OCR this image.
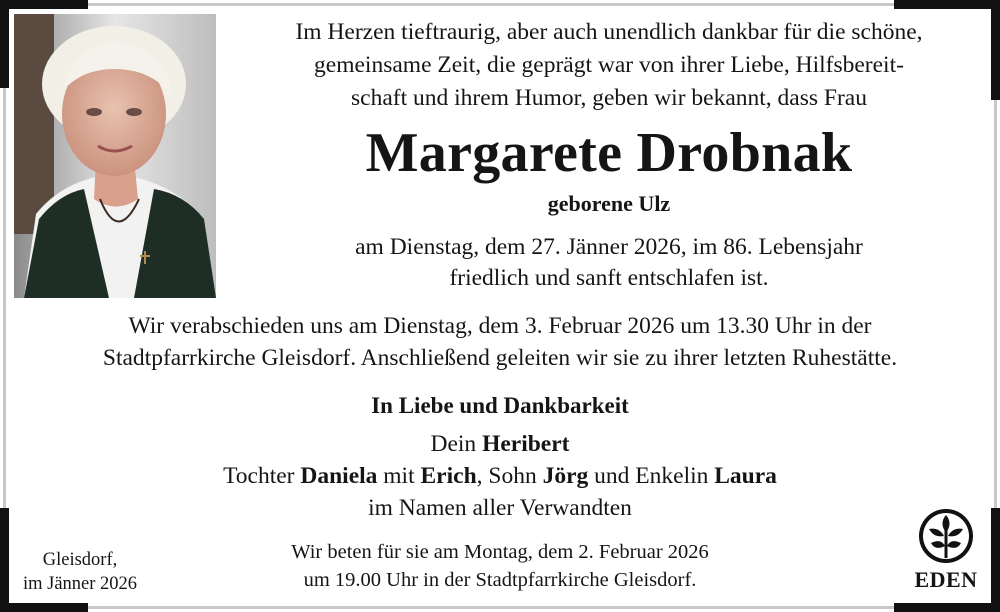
Im Herzen tieftraurig, aber auch unendlich dankbar für die schöne,
gemeinsame Zeit, die geprägt war von ihrer Liebe, Hilfsbereit-
schaft und ihrem Humor, geben wir bekannt, dass Frau
Margarete Drobnak
geborene Ulz
am Dienstag, dem 27. Jänner 2026, im 86. Lebensjahr
friedlich und sanft entschlafen ist.
Wir verabschieden uns am Dienstag, dem 3. Februar 2026 um 13.30 Uhr in der
Stadtpfarrkirche Gleisdorf. Anschließend geleiten wir sie zu ihrer letzten Ruhestätte.
In Liebe und Dankbarkeit
Dein Heribert
Tochter Daniela mit Erich, Sohn Jörg und Enkelin Laura
im Namen aller Verwandten
Wir beten für sie am Montag, dem 2. Februar 2026
um 19.00 Uhr in der Stadtpfarrkirche Gleisdorf.
Gleisdorf,
im Jänner 2026	EDEN
